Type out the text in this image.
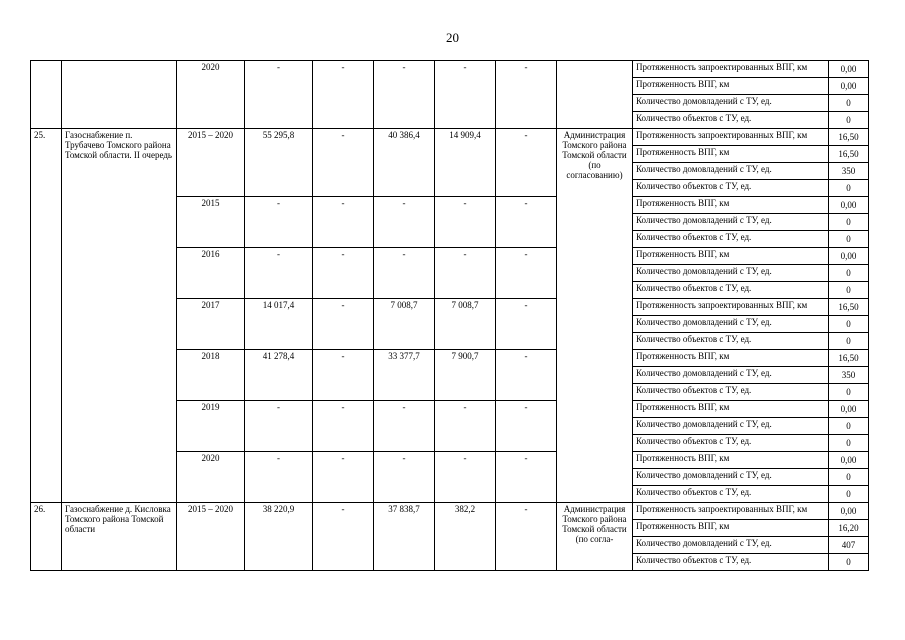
20
		2020	-	-	-	-	-		Протяженность запроектированных ВПГ, км	0,00
									Протяженность ВПГ, км	0,00
									Количество домовладений с ТУ, ед.	0
									Количество объектов с ТУ, ед.	0
25.	Газоснабжение п. Трубачево Томского района Томской области. II очередь	2015 – 2020	55 295,8	-	40 386,4	14 909,4	-	Администрация Томского района Томской области (по согласованию)	Протяженность запроектированных ВПГ, км	16,50
									Протяженность ВПГ, км	16,50
									Количество домовладений с ТУ, ед.	350
									Количество объектов с ТУ, ед.	0
		2015	-	-	-	-	-		Протяженность ВПГ, км	0,00
									Количество домовладений с ТУ, ед.	0
									Количество объектов с ТУ, ед.	0
		2016	-	-	-	-	-		Протяженность ВПГ, км	0,00
									Количество домовладений с ТУ, ед.	0
									Количество объектов с ТУ, ед.	0
		2017	14 017,4	-	7 008,7	7 008,7	-		Протяженность запроектированных ВПГ, км	16,50
									Количество домовладений с ТУ, ед.	0
									Количество объектов с ТУ, ед.	0
		2018	41 278,4	-	33 377,7	7 900,7	-		Протяженность ВПГ, км	16,50
									Количество домовладений с ТУ, ед.	350
									Количество объектов с ТУ, ед.	0
		2019	-	-	-	-	-		Протяженность ВПГ, км	0,00
									Количество домовладений с ТУ, ед.	0
									Количество объектов с ТУ, ед.	0
		2020	-	-	-	-	-		Протяженность ВПГ, км	0,00
									Количество домовладений с ТУ, ед.	0
									Количество объектов с ТУ, ед.	0
26.	Газоснабжение д. Кисловка Томского района Томской области	2015 – 2020	38 220,9	-	37 838,7	382,2	-	Администрация Томского района Томской области (по согла-	Протяженность запроектированных ВПГ, км	0,00
									Протяженность ВПГ, км	16,20
									Количество домовладений с ТУ, ед.	407
									Количество объектов с ТУ, ед.	0
